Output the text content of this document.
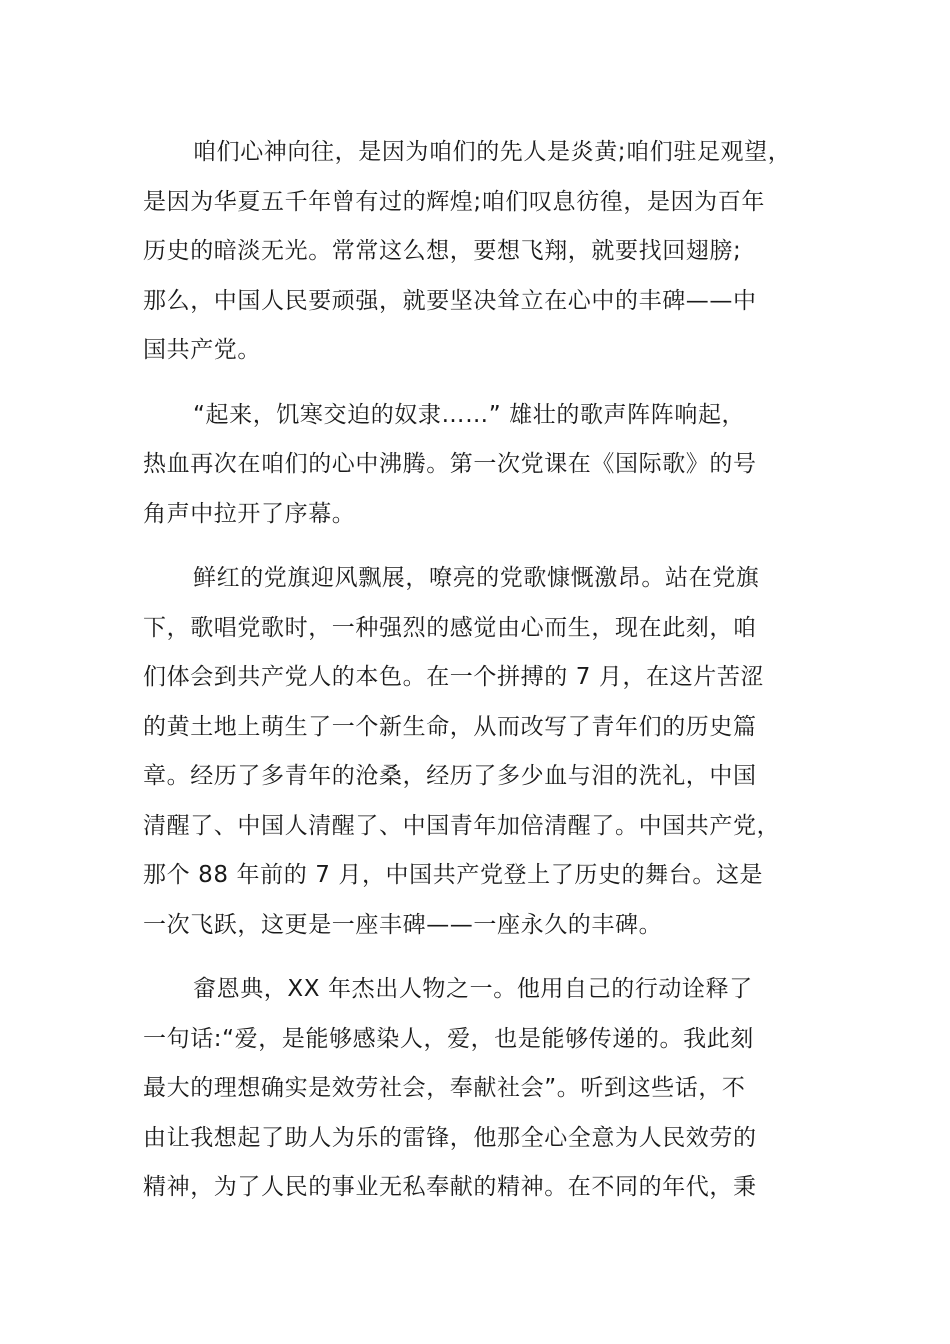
咱们心神向往，是因为咱们的先人是炎黄;咱们驻足观望，
是因为华夏五千年曾有过的辉煌;咱们叹息彷徨，是因为百年
历史的暗淡无光。常常这么想，要想飞翔，就要找回翅膀;
那么，中国人民要顽强，就要坚决耸立在心中的丰碑——中
国共产党。

“起来，饥寒交迫的奴隶……” 雄壮的歌声阵阵响起，
热血再次在咱们的心中沸腾。第一次党课在《国际歌》的号
角声中拉开了序幕。

鲜红的党旗迎风飘展，嘹亮的党歌慷慨激昂。站在党旗
下，歌唱党歌时，一种强烈的感觉由心而生，现在此刻，咱
们体会到共产党人的本色。在一个拼搏的 7 月，在这片苦涩
的黄土地上萌生了一个新生命，从而改写了青年们的历史篇
章。经历了多青年的沧桑，经历了多少血与泪的洗礼，中国
清醒了、中国人清醒了、中国青年加倍清醒了。中国共产党，
那个 88 年前的 7 月，中国共产党登上了历史的舞台。这是
一次飞跃，这更是一座丰碑——一座永久的丰碑。

畲恩典，XX 年杰出人物之一。他用自己的行动诠释了
一句话:“爱，是能够感染人，爱，也是能够传递的。我此刻
最大的理想确实是效劳社会，奉献社会”。听到这些话，不
由让我想起了助人为乐的雷锋，他那全心全意为人民效劳的
精神，为了人民的事业无私奉献的精神。在不同的年代，秉
